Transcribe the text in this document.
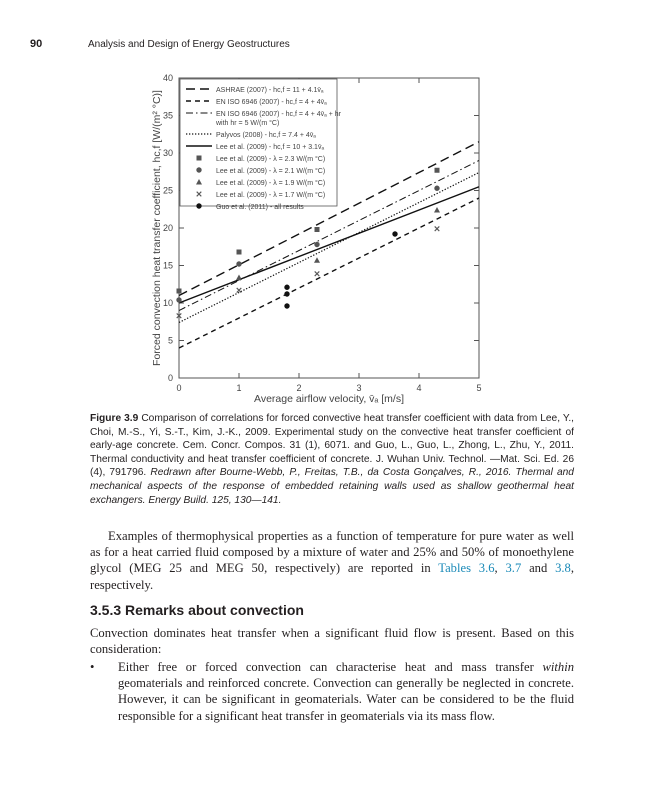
90	Analysis and Design of Energy Geostructures
0	1	2	3	4	5
0
5
10
15
20
25
30
35
40
ASHRAE (2007) - hc,f = 11 + 4.1v̄ₐ
EN ISO 6946 (2007) - hc,f = 4 + 4v̄ₐ
EN ISO 6946 (2007) - hc,f = 4 + 4v̄ₐ + hr
with hr = 5 W/(m °C)
Palyvos (2008) - hc,f = 7.4 + 4v̄ₐ
Lee et al. (2009) - hc,f = 10 + 3.1v̄ₐ
Lee et al. (2009) - λ = 2.3 W/(m °C)
Lee et al. (2009) - λ = 2.1 W/(m °C)
Lee et al. (2009) - λ = 1.9 W/(m °C)
Lee et al. (2009) - λ = 1.7 W/(m °C)
Guo et al. (2011) - all results
Average airflow velocity, v̄ₐ [m/s]
Forced convection heat transfer coefficient, hc,f [W/(m² °C)]
Figure 3.9 Comparison of correlations for forced convective heat transfer coefficient with data from Lee, Y., Choi, M.-S., Yi, S.-T., Kim, J.-K., 2009. Experimental study on the convective heat transfer coefficient of early-age concrete. Cem. Concr. Compos. 31 (1), 6071. and Guo, L., Guo, L., Zhong, L., Zhu, Y., 2011. Thermal conductivity and heat transfer coefficient of concrete. J. Wuhan Univ. Technol. —Mat. Sci. Ed. 26 (4), 791796. Redrawn after Bourne-Webb, P., Freitas, T.B., da Costa Gonçalves, R., 2016. Thermal and mechanical aspects of the response of embedded retaining walls used as shallow geothermal heat exchangers. Energy Build. 125, 130—141.
Examples of thermophysical properties as a function of temperature for pure water as well as for a heat carried fluid composed by a mixture of water and 25% and 50% of monoethylene glycol (MEG 25 and MEG 50, respectively) are reported in Tables 3.6, 3.7 and 3.8, respectively.
3.5.3 Remarks about convection
Convection dominates heat transfer when a significant fluid flow is present. Based on this consideration:
• Either free or forced convection can characterise heat and mass transfer within geomaterials and reinforced concrete. Convection can generally be neglected in concrete. However, it can be significant in geomaterials. Water can be considered to be the fluid responsible for a significant heat transfer in geomaterials via its mass flow.
